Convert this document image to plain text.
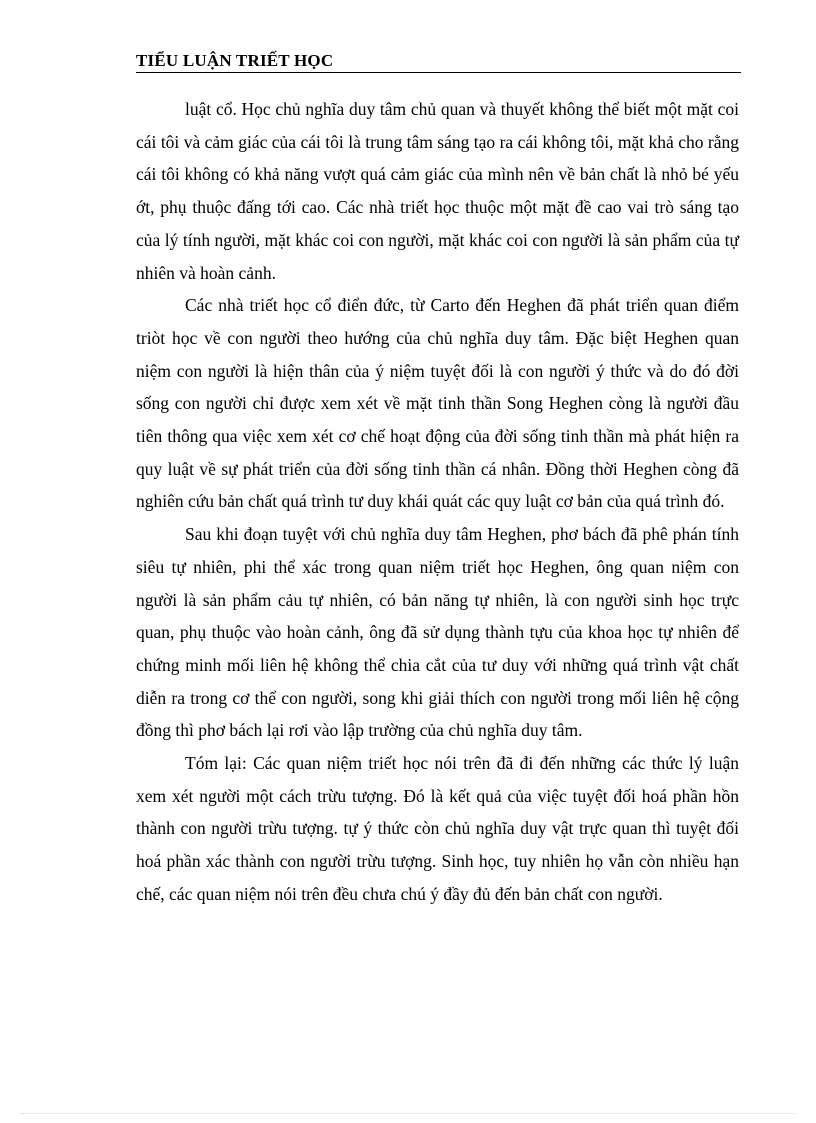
TIỂU LUẬN TRIẾT HỌC

luật cổ. Học chủ nghĩa duy tâm chủ quan và thuyết không thể biết một mặt coi cái tôi và cảm giác của cái tôi là trung tâm sáng tạo ra cái không tôi, mặt khả cho rằng cái tôi không có khả năng vượt quá cảm giác của mình nên về bản chất là nhỏ bé yếu ớt, phụ thuộc đấng tới cao. Các nhà triết học thuộc một mặt đề cao vai trò sáng tạo của lý tính người, mặt khác coi con người, mặt khác coi con người là sản phẩm của tự nhiên và hoàn cảnh.

Các nhà triết học cổ điển đức, từ Carto đến Heghen đã phát triển quan điểm triòt học về con người theo hướng của chủ nghĩa duy tâm. Đặc biệt Heghen quan niệm con người là hiện thân của ý niệm tuyệt đối là con người ý thức và do đó đời sống con người chỉ được xem xét về mặt tinh thần Song Heghen còng là người đầu tiên thông qua việc xem xét cơ chế hoạt động của đời sống tinh thần mà phát hiện ra quy luật về sự phát triển của đời sống tinh thần cá nhân. Đồng thời Heghen còng đã nghiên cứu bản chất quá trình tư duy khái quát các quy luật cơ bản của quá trình đó.

Sau khi đoạn tuyệt với chủ nghĩa duy tâm Heghen, phơ bách đã phê phán tính siêu tự nhiên, phi thể xác trong quan niệm triết học Heghen, ông quan niệm con người là sản phẩm cảu tự nhiên, có bản năng tự nhiên, là con người sinh học trực quan, phụ thuộc vào hoàn cảnh, ông đã sử dụng thành tựu của khoa học tự nhiên để chứng minh mối liên hệ không thể chia cắt của tư duy với những quá trình vật chất diễn ra trong cơ thể con người, song khi giải thích con người trong mối liên hệ cộng đồng thì phơ bách lại rơi vào lập trường của chủ nghĩa duy tâm.

Tóm lại: Các quan niệm triết học nói trên đã đi đến những các thức lý luận xem xét người một cách trừu tượng. Đó là kết quả của việc tuyệt đối hoá phần hồn thành con người trừu tượng. tự ý thức còn chủ nghĩa duy vật trực quan thì tuyệt đối hoá phần xác thành con người trừu tượng. Sinh học, tuy nhiên họ vẫn còn nhiều hạn chế, các quan niệm nói trên đều chưa chú ý đầy đủ đến bản chất con người.
